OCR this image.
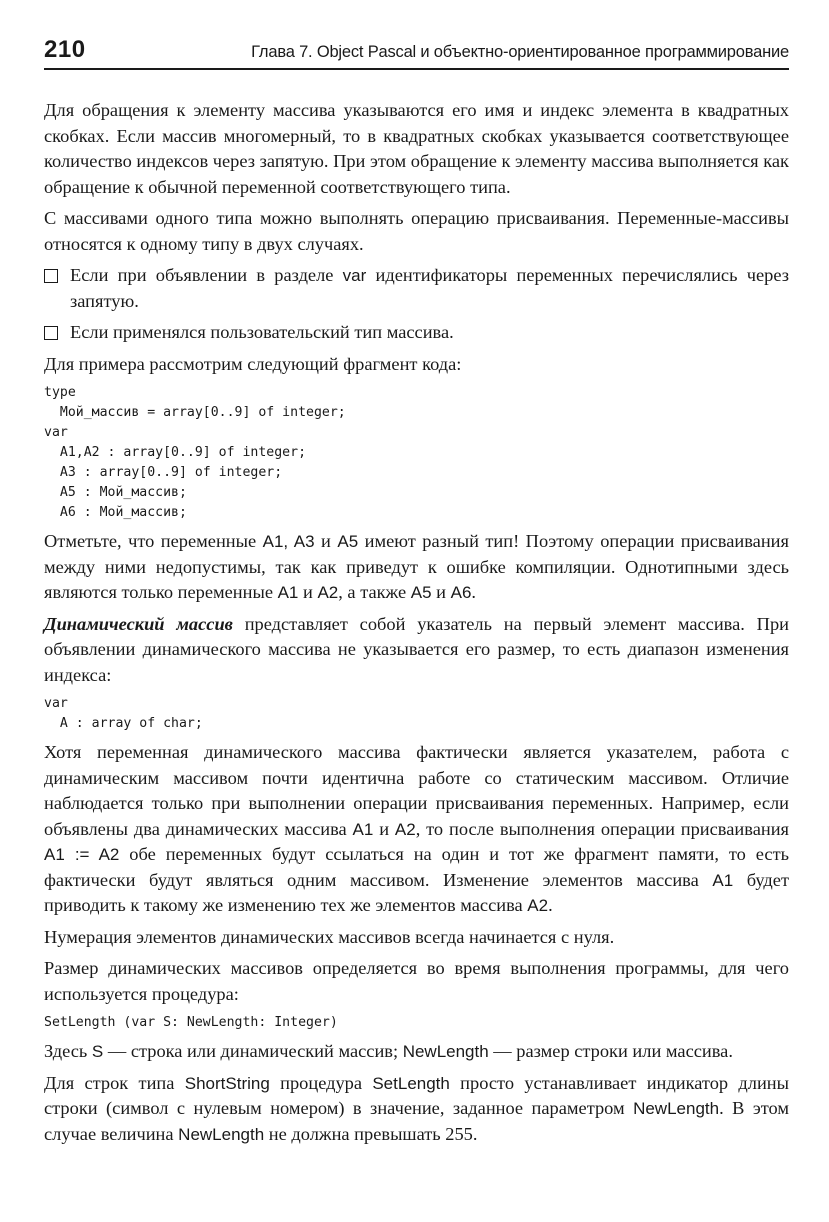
210	Глава 7. Object Pascal и объектно-ориентированное программирование

Для обращения к элементу массива указываются его имя и индекс элемента в квадратных скобках. Если массив многомерный, то в квадратных скобках указывается соответствующее количество индексов через запятую. При этом обращение к элементу массива выполняется как обращение к обычной переменной соответствующего типа.

С массивами одного типа можно выполнять операцию присваивания. Переменные-массивы относятся к одному типу в двух случаях.

Если при объявлении в разделе var идентификаторы переменных перечислялись через запятую.
Если применялся пользовательский тип массива.

Для примера рассмотрим следующий фрагмент кода:

type
Мой_массив = array[0..9] of integer;
var
A1,A2 : array[0..9] of integer;
A3 : array[0..9] of integer;
A5 : Мой_массив;
A6 : Мой_массив;

Отметьте, что переменные A1, A3 и A5 имеют разный тип! Поэтому операции присваивания между ними недопустимы, так как приведут к ошибке компиляции. Однотипными здесь являются только переменные A1 и A2, а также A5 и A6.

Динамический массив представляет собой указатель на первый элемент массива. При объявлении динамического массива не указывается его размер, то есть диапазон изменения индекса:

var
A : array of char;

Хотя переменная динамического массива фактически является указателем, работа с динамическим массивом почти идентична работе со статическим массивом. Отличие наблюдается только при выполнении операции присваивания переменных. Например, если объявлены два динамических массива A1 и A2, то после выполнения операции присваивания A1 := A2 обе переменных будут ссылаться на один и тот же фрагмент памяти, то есть фактически будут являться одним массивом. Изменение элементов массива A1 будет приводить к такому же изменению тех же элементов массива A2.

Нумерация элементов динамических массивов всегда начинается с нуля.

Размер динамических массивов определяется во время выполнения программы, для чего используется процедура:

SetLength (var S: NewLength: Integer)

Здесь S — строка или динамический массив; NewLength — размер строки или массива.

Для строк типа ShortString процедура SetLength просто устанавливает индикатор длины строки (символ с нулевым номером) в значение, заданное параметром NewLength. В этом случае величина NewLength не должна превышать 255.
